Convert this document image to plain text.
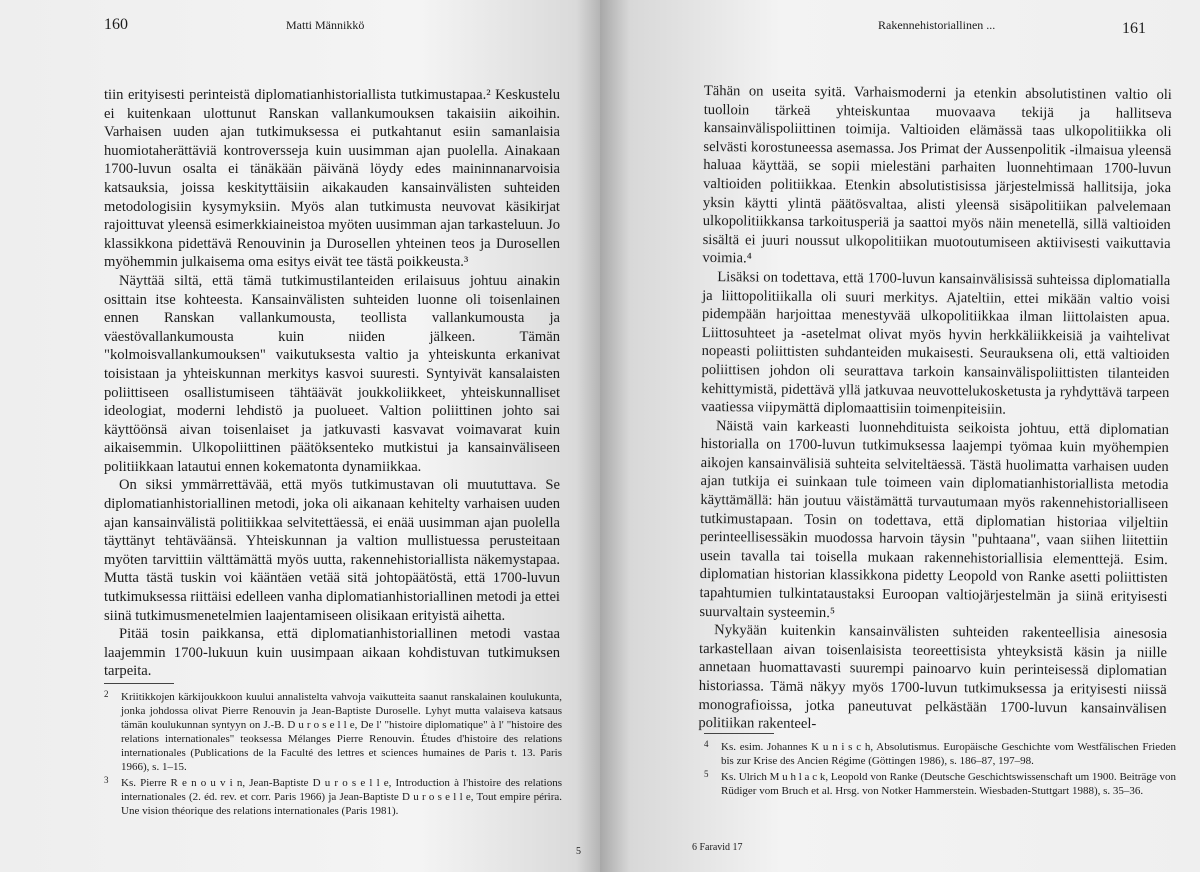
160	Matti Männikkö

tiin erityisesti perinteistä diplomatianhistoriallista tutkimustapaa.² Keskustelu ei kuitenkaan ulottunut Ranskan vallankumouksen takaisiin aikoihin. Varhaisen uuden ajan tutkimuksessa ei putkahtanut esiin samanlaisia huomiotaherättäviä kontroversseja kuin uusimman ajan puolella. Ainakaan 1700-luvun osalta ei tänäkään päivänä löydy edes maininnanarvoisia katsauksia, joissa keskityttäisiin aikakauden kansainvälisten suhteiden metodologisiin kysymyksiin. Myös alan tutkimusta neuvovat käsikirjat rajoittuvat yleensä esimerkkiaineistoa myöten uusimman ajan tarkasteluun. Jo klassikkona pidettävä Renouvinin ja Durosellen yhteinen teos ja Durosellen myöhemmin julkaisema oma esitys eivät tee tästä poikkeusta.³

Näyttää siltä, että tämä tutkimustilanteiden erilaisuus johtuu ainakin osittain itse kohteesta. Kansainvälisten suhteiden luonne oli toisenlainen ennen Ranskan vallankumousta, teollista vallankumousta ja väestövallankumousta kuin niiden jälkeen. Tämän "kolmoisvallankumouksen" vaikutuksesta valtio ja yhteiskunta erkanivat toisistaan ja yhteiskunnan merkitys kasvoi suuresti. Syntyivät kansalaisten poliittiseen osallistumiseen tähtäävät joukkoliikkeet, yhteiskunnalliset ideologiat, moderni lehdistö ja puolueet. Valtion poliittinen johto sai käyttöönsä aivan toisenlaiset ja jatkuvasti kasvavat voimavarat kuin aikaisemmin. Ulkopoliittinen päätöksenteko mutkistui ja kansainväliseen politiikkaan latautui ennen kokematonta dynamiikkaa.

On siksi ymmärrettävää, että myös tutkimustavan oli muututtava. Se diplomatianhistoriallinen metodi, joka oli aikanaan kehitelty varhaisen uuden ajan kansainvälistä politiikkaa selvitettäessä, ei enää uusimman ajan puolella täyttänyt tehtäväänsä. Yhteiskunnan ja valtion mullistuessa perusteitaan myöten tarvittiin välttämättä myös uutta, rakennehistoriallista näkemystapaa. Mutta tästä tuskin voi kääntäen vetää sitä johtopäätöstä, että 1700-luvun tutkimuksessa riittäisi edelleen vanha diplomatianhistoriallinen metodi ja ettei siinä tutkimusmenetelmien laajentamiseen olisikaan erityistä aihetta.

Pitää tosin paikkansa, että diplomatianhistoriallinen metodi vastaa laajemmin 1700-lukuun kuin uusimpaan aikaan kohdistuvan tutkimuksen tarpeita.

2 Kriitikkojen kärkijoukkoon kuului annalistelta vahvoja vaikutteita saanut ranskalainen koulukunta, jonka johdossa olivat Pierre Renouvin ja Jean-Baptiste Duroselle. Lyhyt mutta valaiseva katsaus tämän koulukunnan syntyyn on J.-B. D u r o s e l l e, De l' "histoire diplomatique" à l' "histoire des relations internationales" teoksessa Mélanges Pierre Renouvin. Études d'histoire des relations internationales (Publications de la Faculté des lettres et sciences humaines de Paris t. 13. Paris 1966), s. 1–15.
3 Ks. Pierre R e n o u v i n, Jean-Baptiste D u r o s e l l e, Introduction à l'histoire des relations internationales (2. éd. rev. et corr. Paris 1966) ja Jean-Baptiste D u r o s e l l e, Tout empire périra. Une vision théorique des relations internationales (Paris 1981).
5
Rakennehistoriallinen ...	161

Tähän on useita syitä. Varhaismoderni ja etenkin absolutistinen valtio oli tuolloin tärkeä yhteiskuntaa muovaava tekijä ja hallitseva kansainvälispoliittinen toimija. Valtioiden elämässä taas ulkopolitiikka oli selvästi korostuneessa asemassa. Jos Primat der Aussenpolitik -ilmaisua yleensä haluaa käyttää, se sopii mielestäni parhaiten luonnehtimaan 1700-luvun valtioiden politiikkaa. Etenkin absolutistisissa järjestelmissä hallitsija, joka yksin käytti ylintä päätösvaltaa, alisti yleensä sisäpolitiikan palvelemaan ulkopolitiikkansa tarkoitusperiä ja saattoi myös näin menetellä, sillä valtioiden sisältä ei juuri noussut ulkopolitiikan muotoutumiseen aktiivisesti vaikuttavia voimia.⁴

Lisäksi on todettava, että 1700-luvun kansainvälisissä suhteissa diplomatialla ja liittopolitiikalla oli suuri merkitys. Ajateltiin, ettei mikään valtio voisi pidempään harjoittaa menestyvää ulkopolitiikkaa ilman liittolaisten apua. Liittosuhteet ja -asetelmat olivat myös hyvin herkkäliikkeisiä ja vaihtelivat nopeasti poliittisten suhdanteiden mukaisesti. Seurauksena oli, että valtioiden poliittisen johdon oli seurattava tarkoin kansainvälispoliittisten tilanteiden kehittymistä, pidettävä yllä jatkuvaa neuvottelukosketusta ja ryhdyttävä tarpeen vaatiessa viipymättä diplomaattisiin toimenpiteisiin.

Näistä vain karkeasti luonnehdituista seikoista johtuu, että diplomatian historialla on 1700-luvun tutkimuksessa laajempi työmaa kuin myöhempien aikojen kansainvälisiä suhteita selviteltäessä. Tästä huolimatta varhaisen uuden ajan tutkija ei suinkaan tule toimeen vain diplomatianhistoriallista metodia käyttämällä: hän joutuu väistämättä turvautumaan myös rakennehistorialliseen tutkimustapaan. Tosin on todettava, että diplomatian historiaa viljeltiin perinteellisessäkin muodossa harvoin täysin "puhtaana", vaan siihen liitettiin usein tavalla tai toisella mukaan rakennehistoriallisia elementtejä. Esim. diplomatian historian klassikkona pidetty Leopold von Ranke asetti poliittisten tapahtumien tulkintataustaksi Euroopan valtiojärjestelmän ja siinä erityisesti suurvaltain systeemin.⁵

Nykyään kuitenkin kansainvälisten suhteiden rakenteellisia ainesosia tarkastellaan aivan toisenlaisista teoreettisista yhteyksistä käsin ja niille annetaan huomattavasti suurempi painoarvo kuin perinteisessä diplomatian historiassa. Tämä näkyy myös 1700-luvun tutkimuksessa ja erityisesti niissä monografioissa, jotka paneutuvat pelkästään 1700-luvun kansainvälisen politiikan rakenteel-

4 Ks. esim. Johannes K u n i s c h, Absolutismus. Europäische Geschichte vom Westfälischen Frieden bis zur Krise des Ancien Régime (Göttingen 1986), s. 186–87, 197–98.
5 Ks. Ulrich M u h l a c k, Leopold von Ranke (Deutsche Geschichtswissenschaft um 1900. Beiträge von Rüdiger vom Bruch et al. Hrsg. von Notker Hammerstein. Wiesbaden-Stuttgart 1988), s. 35–36.
6 Faravid 17
